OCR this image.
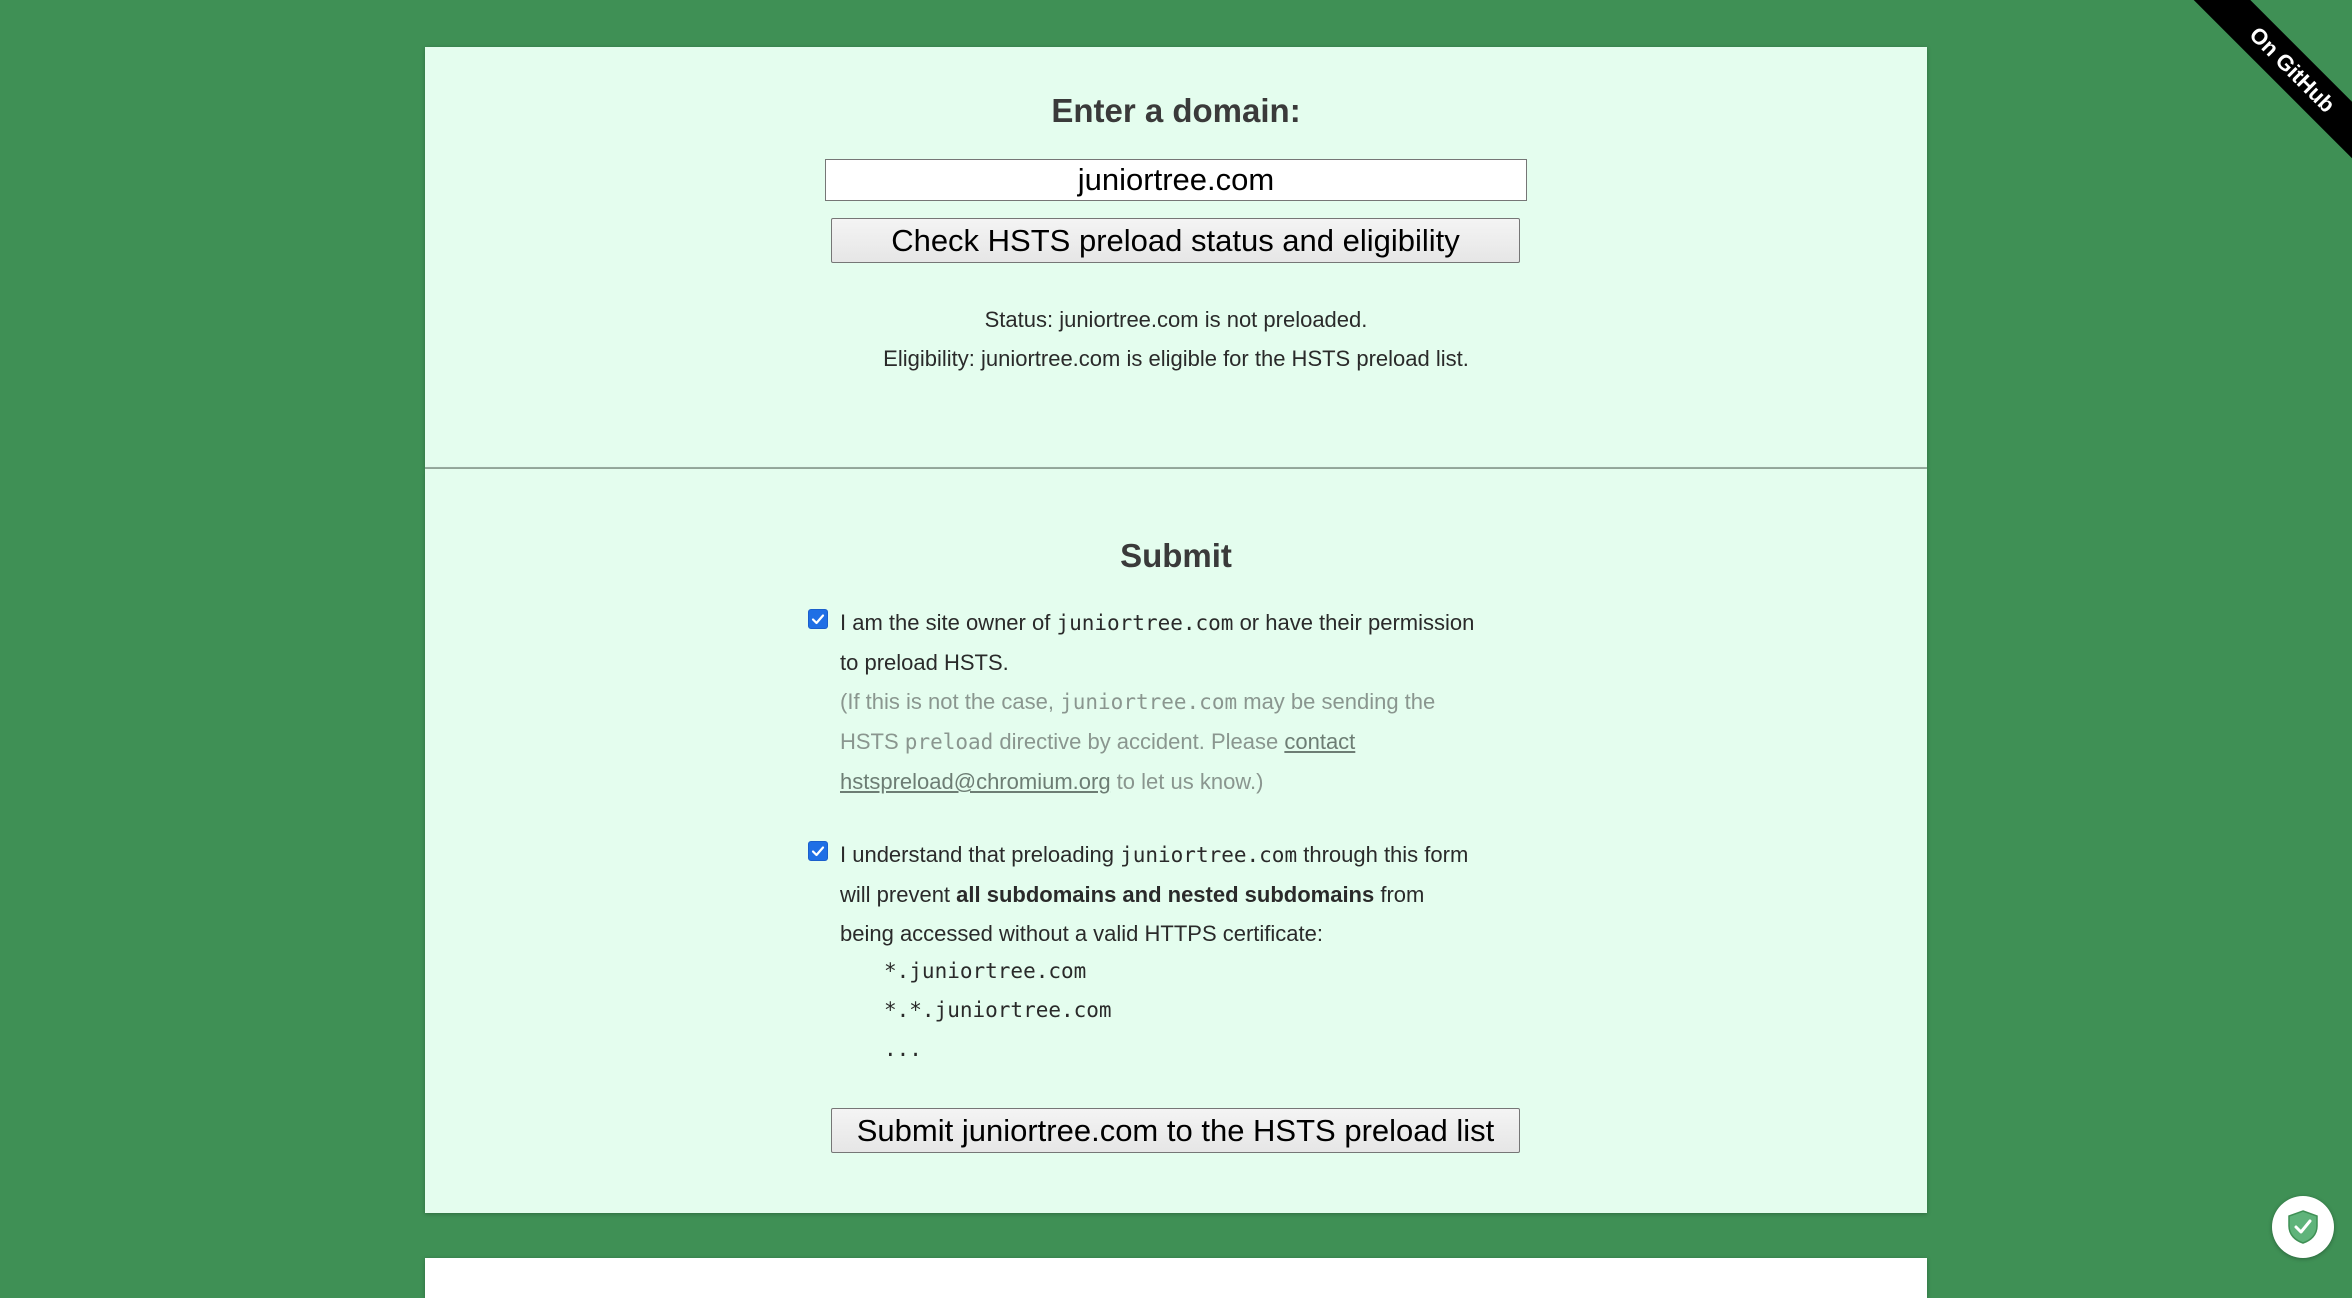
Enter a domain:
juniortree.com
Check HSTS preload status and eligibility

Status: juniortree.com is not preloaded.

Eligibility: juniortree.com is eligible for the HSTS preload list.

Submit
I am the site owner of juniortree.com or have their permission
to preload HSTS.
(If this is not the case, juniortree.com may be sending the
HSTS preload directive by accident. Please contact
hstspreload@chromium.org to let us know.)
I understand that preloading juniortree.com through this form
will prevent all subdomains and nested subdomains from
being accessed without a valid HTTPS certificate:
*.juniortree.com
*.*.juniortree.com
...
Submit juniortree.com to the HSTS preload list
On GitHub
